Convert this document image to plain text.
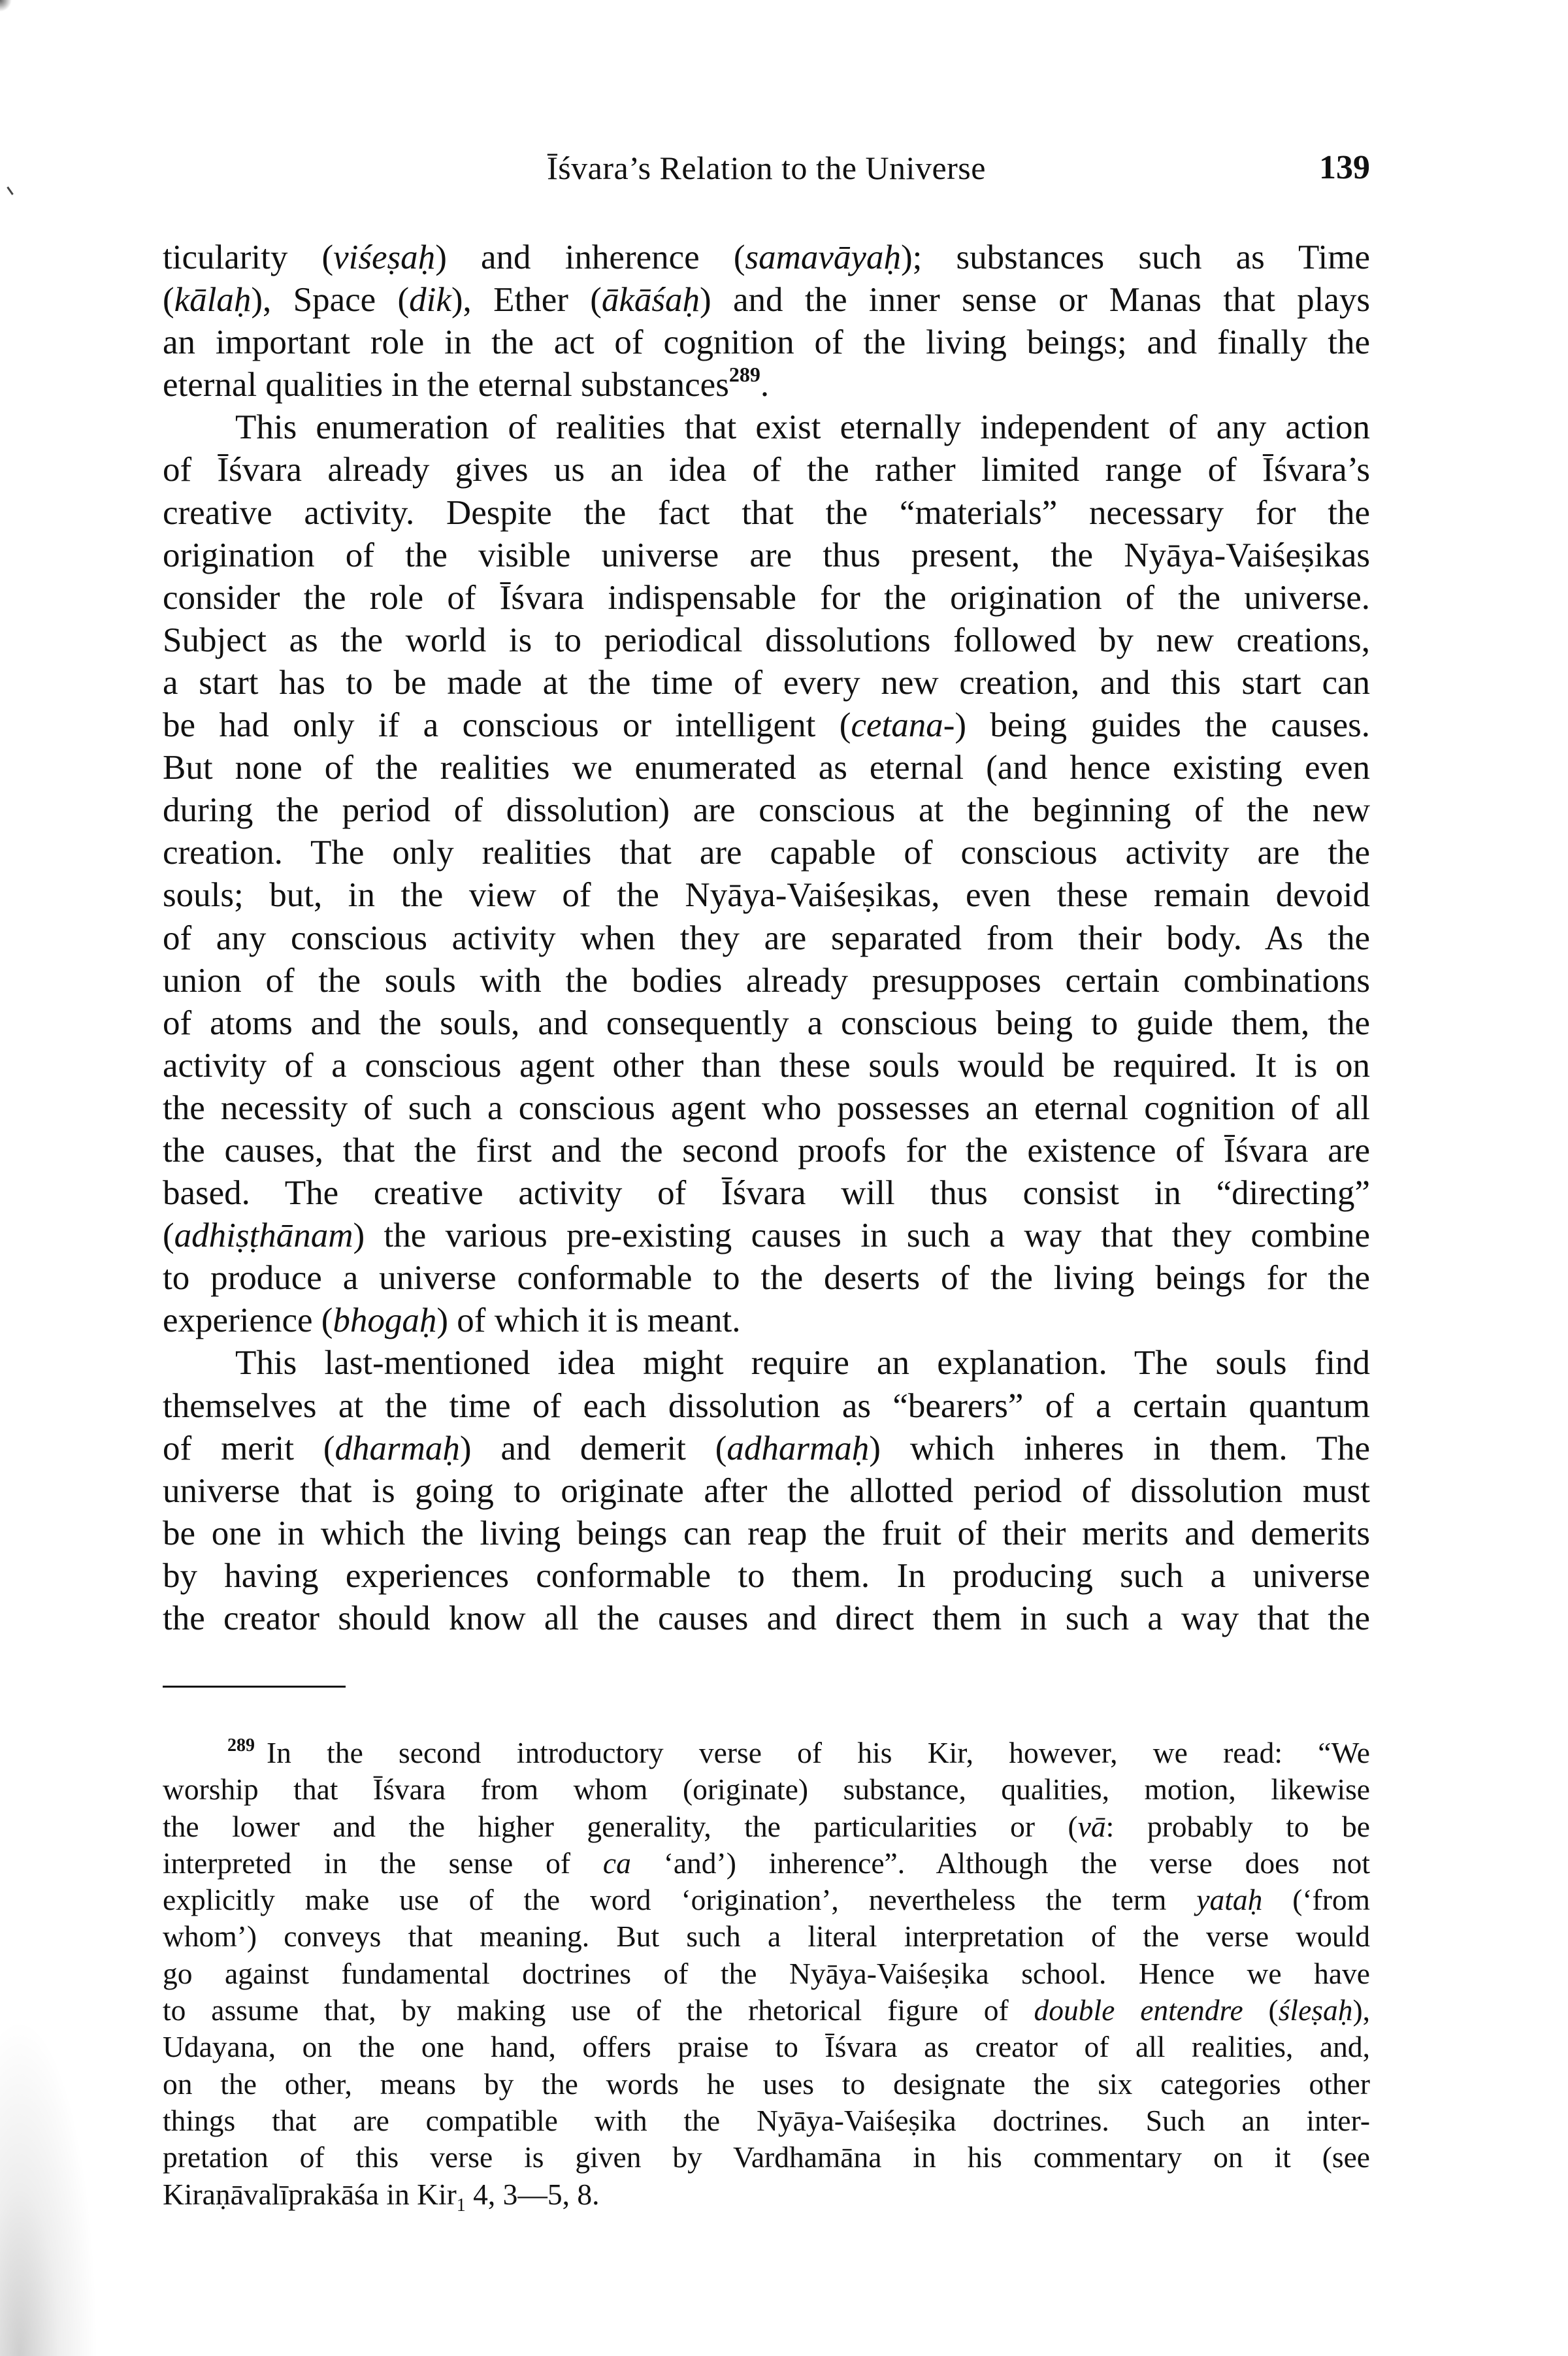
Īśvara’s Relation to the Universe	139
ticularity (viśeṣaḥ) and inherence (samavāyaḥ); substances such as Time
(kālaḥ), Space (dik), Ether (ākāśaḥ) and the inner sense or Manas that plays
an important role in the act of cognition of the living beings; and finally the
eternal qualities in the eternal substances$^{289}$.
This enumeration of realities that exist eternally independent of any action
of Īśvara already gives us an idea of the rather limited range of Īśvara’s
creative activity. Despite the fact that the “materials” necessary for the
origination of the visible universe are thus present, the Nyāya-Vaiśeṣikas
consider the role of Īśvara indispensable for the origination of the universe.
Subject as the world is to periodical dissolutions followed by new creations,
a start has to be made at the time of every new creation, and this start can
be had only if a conscious or intelligent (cetana-) being guides the causes.
But none of the realities we enumerated as eternal (and hence existing even
during the period of dissolution) are conscious at the beginning of the new
creation. The only realities that are capable of conscious activity are the
souls; but, in the view of the Nyāya-Vaiśeṣikas, even these remain devoid
of any conscious activity when they are separated from their body. As the
union of the souls with the bodies already presupposes certain combinations
of atoms and the souls, and consequently a conscious being to guide them, the
activity of a conscious agent other than these souls would be required. It is on
the necessity of such a conscious agent who possesses an eternal cognition of all
the causes, that the first and the second proofs for the existence of Īśvara are
based. The creative activity of Īśvara will thus consist in “directing”
(adhiṣṭhānam) the various pre-existing causes in such a way that they combine
to produce a universe conformable to the deserts of the living beings for the
experience (bhogaḥ) of which it is meant.
This last-mentioned idea might require an explanation. The souls find
themselves at the time of each dissolution as “bearers” of a certain quantum
of merit (dharmaḥ) and demerit (adharmaḥ) which inheres in them. The
universe that is going to originate after the allotted period of dissolution must
be one in which the living beings can reap the fruit of their merits and demerits
by having experiences conformable to them. In producing such a universe
the creator should know all the causes and direct them in such a way that the
$^{289}$ In the second introductory verse of his Kir, however, we read: “We
worship that Īśvara from whom (originate) substance, qualities, motion, likewise
the lower and the higher generality, the particularities or (vā: probably to be
interpreted in the sense of ca ‘and’) inherence”. Although the verse does not
explicitly make use of the word ‘origination’, nevertheless the term yataḥ (‘from
whom’) conveys that meaning. But such a literal interpretation of the verse would
go against fundamental doctrines of the Nyāya-Vaiśeṣika school. Hence we have
to assume that, by making use of the rhetorical figure of double entendre (śleṣaḥ),
Udayana, on the one hand, offers praise to Īśvara as creator of all realities, and,
on the other, means by the words he uses to designate the six categories other
things that are compatible with the Nyāya-Vaiśeṣika doctrines. Such an inter-
pretation of this verse is given by Vardhamāna in his commentary on it (see
Kiraṇāvalīprakāśa in Kir$_1$ 4, 3—5, 8.
